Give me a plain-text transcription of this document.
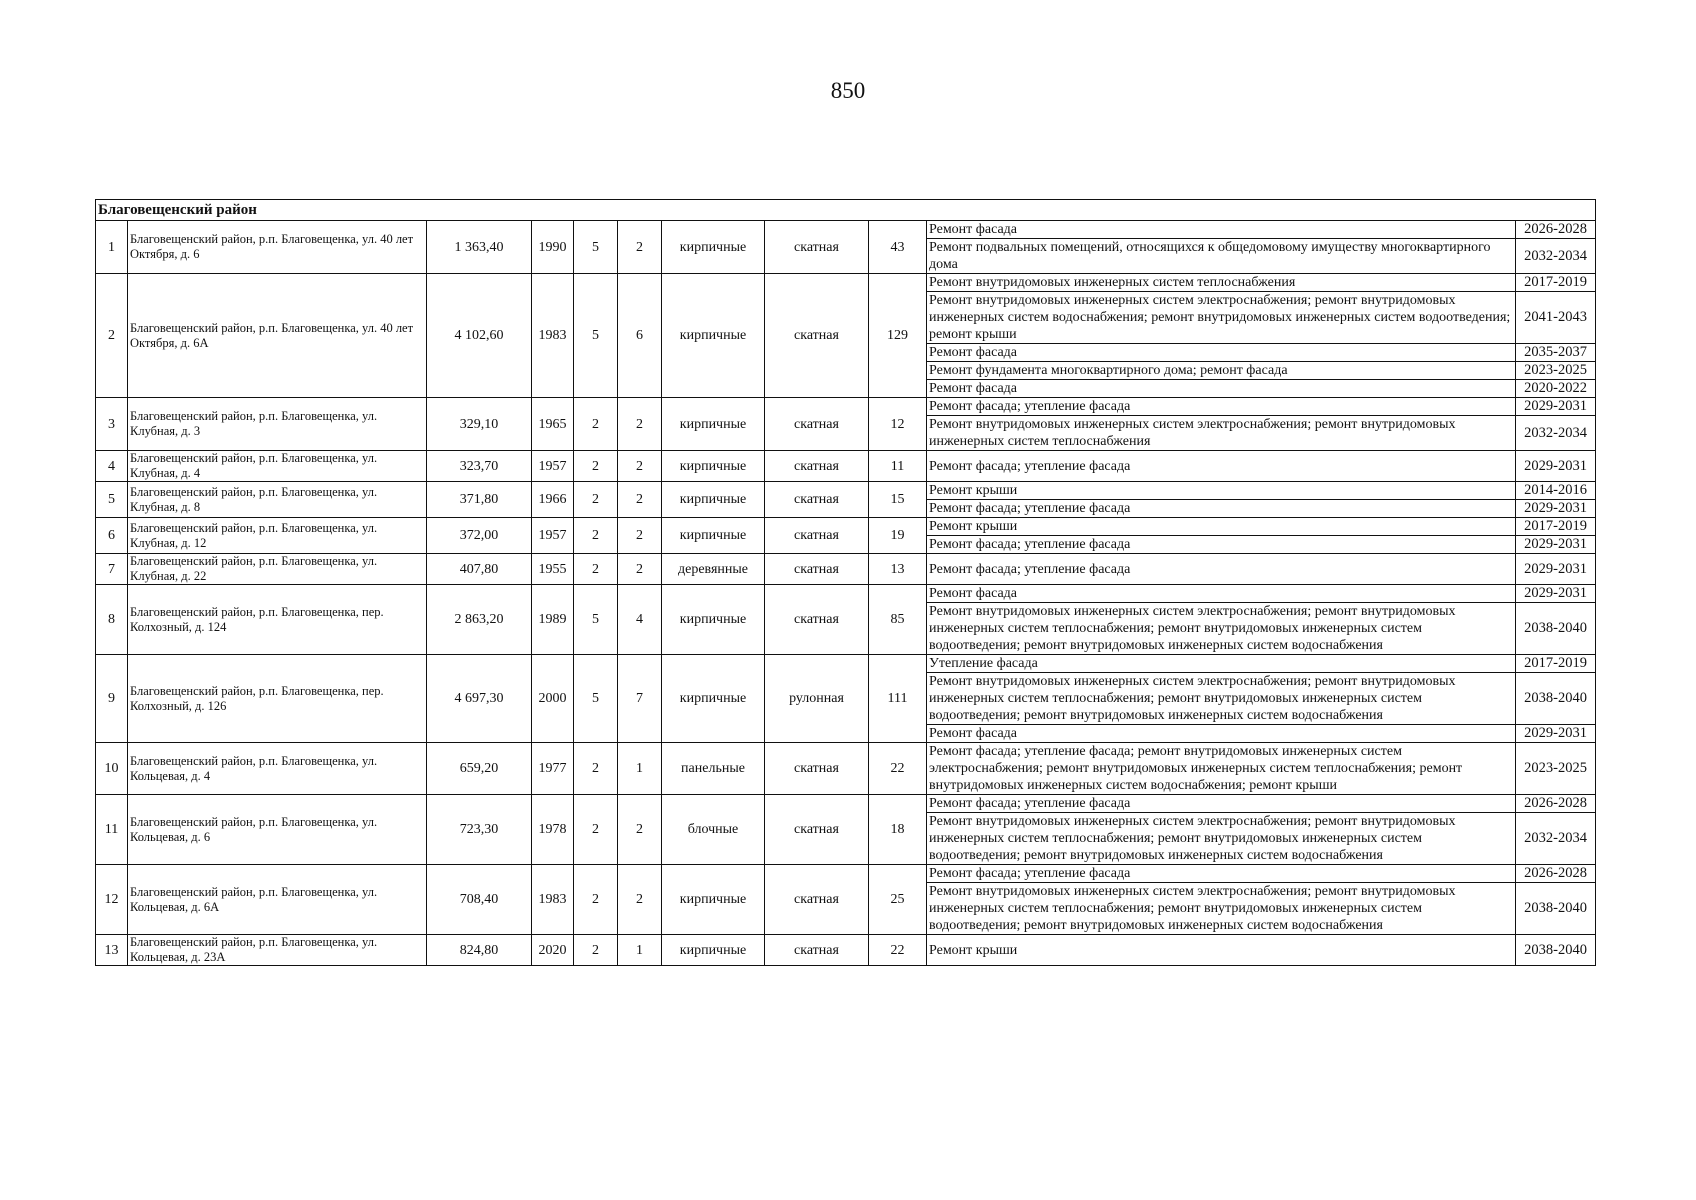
850
Благовещенский район										
1	Благовещенский район, р.п. Благовещенка, ул. 40 лет Октября, д. 6	1 363,40	1990	5	2	кирпичные	скатная	43	Ремонт фасада	2026-2028
									Ремонт подвальных помещений, относящихся к общедомовому имуществу многоквартирного дома	2032-2034
2	Благовещенский район, р.п. Благовещенка, ул. 40 лет Октября, д. 6А	4 102,60	1983	5	6	кирпичные	скатная	129	Ремонт внутридомовых инженерных систем теплоснабжения	2017-2019
									Ремонт внутридомовых инженерных систем электроснабжения; ремонт внутридомовых инженерных систем водоснабжения; ремонт внутридомовых инженерных систем водоотведения; ремонт крыши	2041-2043
									Ремонт фасада	2035-2037
									Ремонт фундамента многоквартирного дома; ремонт фасада	2023-2025
									Ремонт фасада	2020-2022
3	Благовещенский район, р.п. Благовещенка, ул. Клубная, д. 3	329,10	1965	2	2	кирпичные	скатная	12	Ремонт фасада; утепление фасада	2029-2031
									Ремонт внутридомовых инженерных систем электроснабжения; ремонт внутридомовых инженерных систем теплоснабжения	2032-2034
4	Благовещенский район, р.п. Благовещенка, ул. Клубная, д. 4	323,70	1957	2	2	кирпичные	скатная	11	Ремонт фасада; утепление фасада	2029-2031
5	Благовещенский район, р.п. Благовещенка, ул. Клубная, д. 8	371,80	1966	2	2	кирпичные	скатная	15	Ремонт крыши	2014-2016
									Ремонт фасада; утепление фасада	2029-2031
6	Благовещенский район, р.п. Благовещенка, ул. Клубная, д. 12	372,00	1957	2	2	кирпичные	скатная	19	Ремонт крыши	2017-2019
									Ремонт фасада; утепление фасада	2029-2031
7	Благовещенский район, р.п. Благовещенка, ул. Клубная, д. 22	407,80	1955	2	2	деревянные	скатная	13	Ремонт фасада; утепление фасада	2029-2031
8	Благовещенский район, р.п. Благовещенка, пер. Колхозный, д. 124	2 863,20	1989	5	4	кирпичные	скатная	85	Ремонт фасада	2029-2031
									Ремонт внутридомовых инженерных систем электроснабжения; ремонт внутридомовых инженерных систем теплоснабжения; ремонт внутридомовых инженерных систем водоотведения; ремонт внутридомовых инженерных систем водоснабжения	2038-2040
9	Благовещенский район, р.п. Благовещенка, пер. Колхозный, д. 126	4 697,30	2000	5	7	кирпичные	рулонная	111	Утепление фасада	2017-2019
									Ремонт внутридомовых инженерных систем электроснабжения; ремонт внутридомовых инженерных систем теплоснабжения; ремонт внутридомовых инженерных систем водоотведения; ремонт внутридомовых инженерных систем водоснабжения	2038-2040
									Ремонт фасада	2029-2031
10	Благовещенский район, р.п. Благовещенка, ул. Кольцевая, д. 4	659,20	1977	2	1	панельные	скатная	22	Ремонт фасада; утепление фасада; ремонт внутридомовых инженерных систем электроснабжения; ремонт внутридомовых инженерных систем теплоснабжения; ремонт внутридомовых инженерных систем водоснабжения; ремонт крыши	2023-2025
11	Благовещенский район, р.п. Благовещенка, ул. Кольцевая, д. 6	723,30	1978	2	2	блочные	скатная	18	Ремонт фасада; утепление фасада	2026-2028
									Ремонт внутридомовых инженерных систем электроснабжения; ремонт внутридомовых инженерных систем теплоснабжения; ремонт внутридомовых инженерных систем водоотведения; ремонт внутридомовых инженерных систем водоснабжения	2032-2034
12	Благовещенский район, р.п. Благовещенка, ул. Кольцевая, д. 6А	708,40	1983	2	2	кирпичные	скатная	25	Ремонт фасада; утепление фасада	2026-2028
									Ремонт внутридомовых инженерных систем электроснабжения; ремонт внутридомовых инженерных систем теплоснабжения; ремонт внутридомовых инженерных систем водоотведения; ремонт внутридомовых инженерных систем водоснабжения	2038-2040
13	Благовещенский район, р.п. Благовещенка, ул. Кольцевая, д. 23А	824,80	2020	2	1	кирпичные	скатная	22	Ремонт крыши	2038-2040
